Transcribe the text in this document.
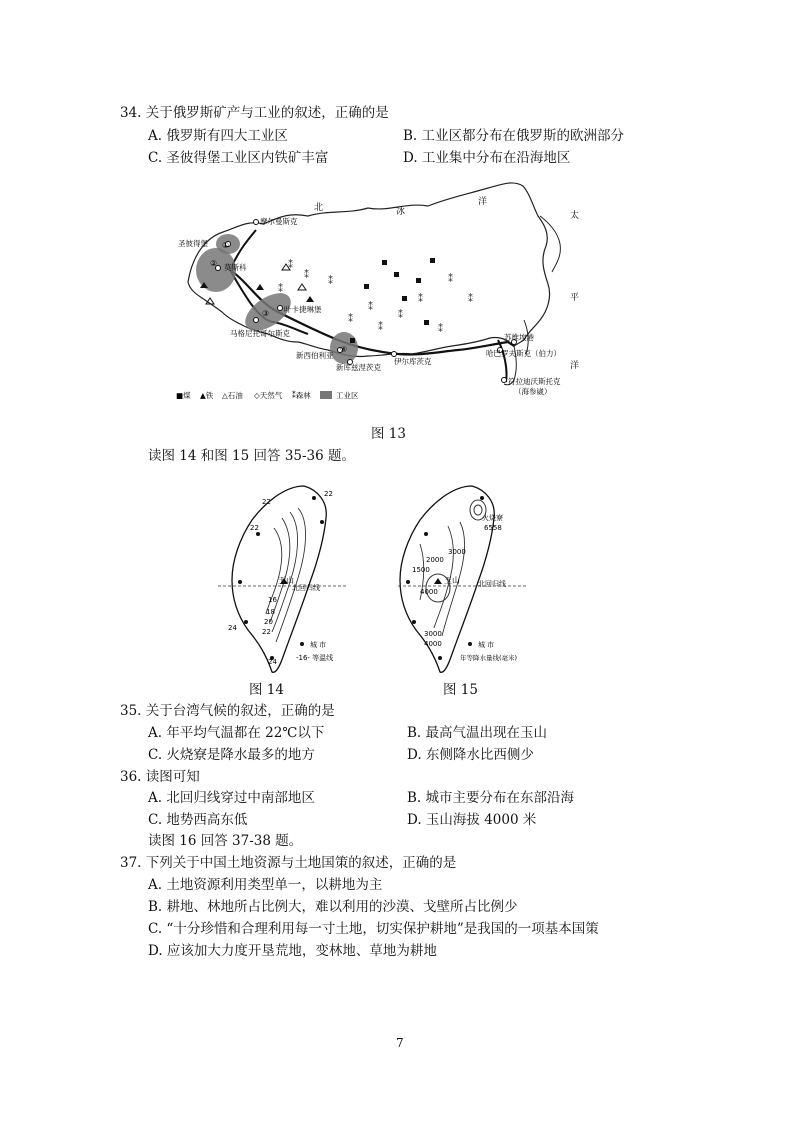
34. 关于俄罗斯矿产与工业的叙述，正确的是
A. 俄罗斯有四大工业区	B. 工业区都分布在俄罗斯的欧洲部分
C. 圣彼得堡工业区内铁矿丰富	D. 工业集中分布在沿海地区
⁑
⁑
⁑
⁑
⁑
⁑
⁑
⁑
⁑
⁑
⁑
⁑
北	冰
洋
太
平
洋
摩尔曼斯克
圣彼得堡
莫斯科
叶卡捷琳堡
马格尼托哥尔斯克
新西伯利亚
新库兹涅茨克
伊尔库茨克
苏维埃港
哈巴罗夫斯克（伯力）
符拉迪沃斯托克
（海参崴）
①
②
③
④
■煤 ▲铁 △石油 ◇天然气 ⁑森林	工业区
图 13
读图 14 和图 15 回答 35-36 题。
22
22
22
16
18
20
22
24
24
玉山
北回归线
城 市
-16- 等温线
图 14
火烧寮
6558
3000
1500
2000
4000
3000
4000
玉山	北回归线
城 市
年等降水量线(毫米)
图 15
35. 关于台湾气候的叙述，正确的是
A. 年平均气温都在 22℃以下	B. 最高气温出现在玉山
C. 火烧寮是降水最多的地方	D. 东侧降水比西侧少
36. 读图可知
A. 北回归线穿过中南部地区	B. 城市主要分布在东部沿海
C. 地势西高东低	D. 玉山海拔 4000 米
读图 16 回答 37-38 题。
37. 下列关于中国土地资源与土地国策的叙述，正确的是
A. 土地资源利用类型单一，以耕地为主
B. 耕地、林地所占比例大，难以利用的沙漠、戈壁所占比例少
C. “十分珍惜和合理利用每一寸土地，切实保护耕地”是我国的一项基本国策
D. 应该加大力度开垦荒地，变林地、草地为耕地
7
